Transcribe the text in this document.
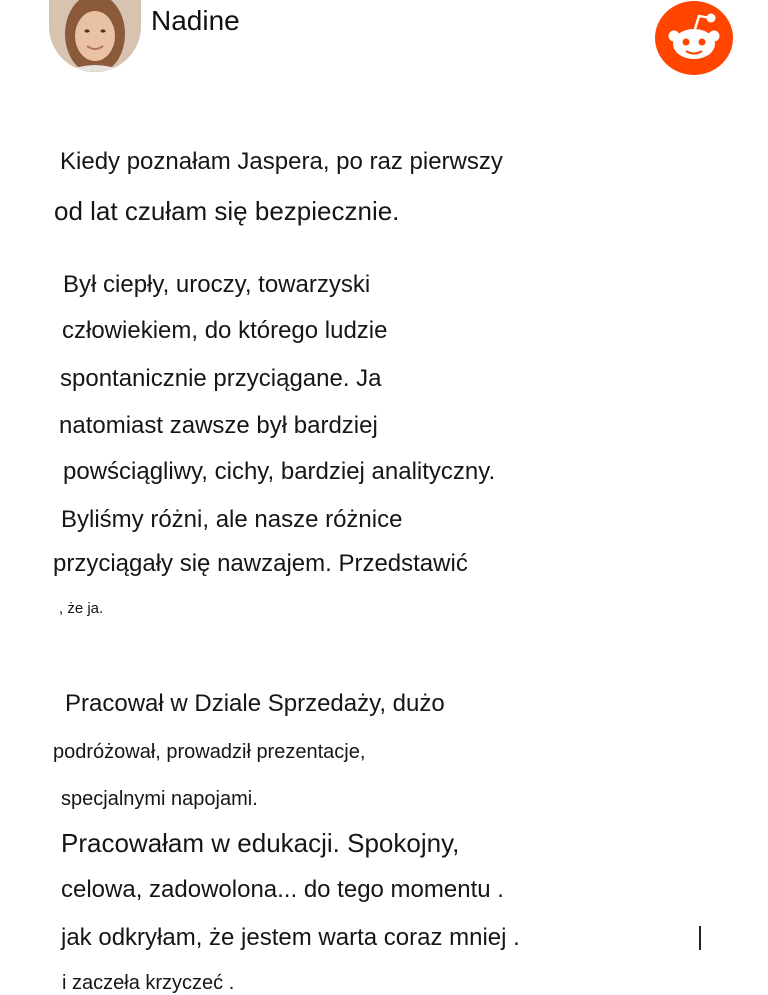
Nadine
Kiedy poznałam Jaspera, po raz pierwszy
od lat czułam się bezpiecznie.
Był ciepły, uroczy, towarzyski
człowiekiem, do którego ludzie
spontanicznie przyciągane. Ja
natomiast zawsze był bardziej
powściągliwy, cichy, bardziej analityczny.
Byliśmy różni, ale nasze różnice
przyciągały się nawzajem. Przedstawić
, że ja.
Pracował w Dziale Sprzedaży, dużo
podróżował, prowadził prezentacje,
specjalnymi napojami.
Pracowałam w edukacji. Spokojny,
celowa, zadowolona... do tego momentu .
jak odkryłam, że jestem warta coraz mniej .
i zaczeła krzyczeć .
